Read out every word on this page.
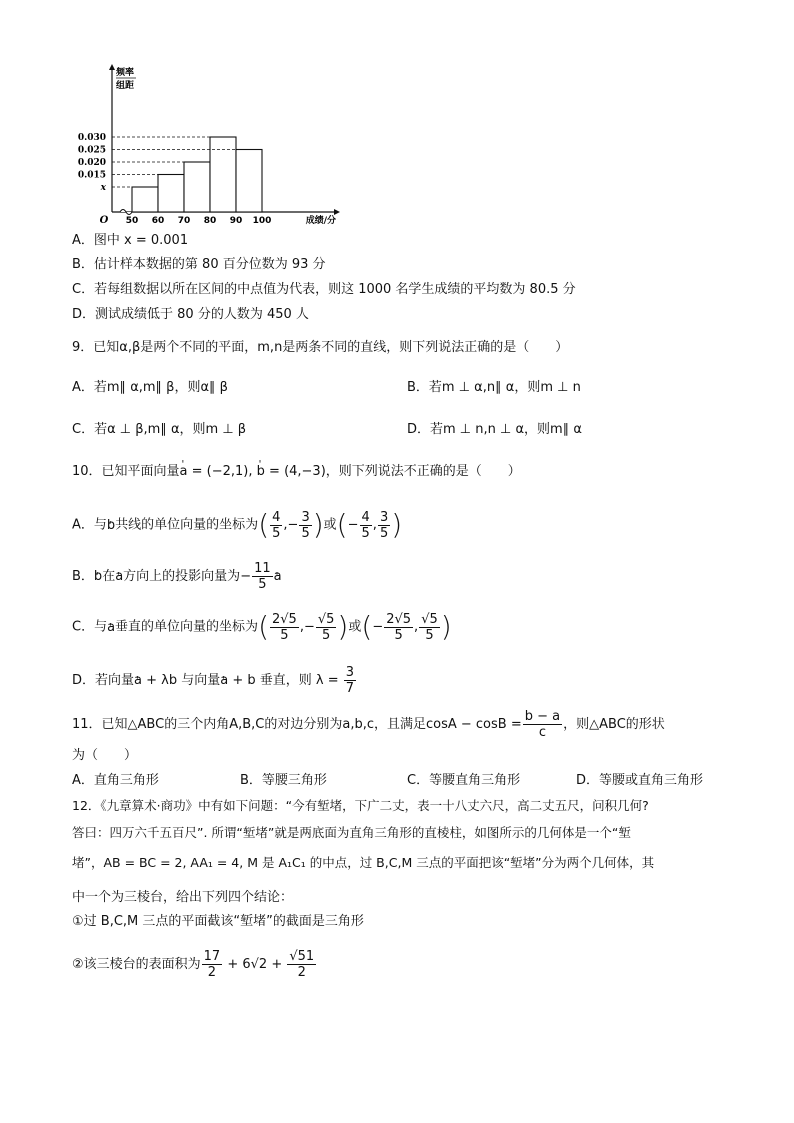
x
0.015
0.020
0.025
0.030
50 60 70 80 90 100
O	成绩/分
频率
组距
A．图中 x = 0.001
B．估计样本数据的第 80 百分位数为 93 分
C．若每组数据以所在区间的中点值为代表，则这 1000 名学生成绩的平均数为 80.5 分
D．测试成绩低于 80 分的人数为 450 人
9．已知α,β是两个不同的平面，m,n是两条不同的直线，则下列说法正确的是（　　）
A．若m∥ α,m∥ β，则α∥ β	B．若m ⊥ α,n∥ α，则m ⊥ n
C．若α ⊥ β,m∥ α，则m ⊥ β	D．若m ⊥ n,n ⊥ α，则m∥ α
10．已知平面向量' a = (−2,1), ' b = (4,−3)，则下列说法不正确的是（　　）
A．与' b共线的单位向量的坐标为( $\frac{4}{5}$ ,− $\frac{3}{5}$ )或(− $\frac{4}{5}$ , $\frac{3}{5}$ )
B．' b在' a方向上的投影向量为− $\frac{11}{5}$
' a
C．与' a垂直的单位向量的坐标为( $\frac{2√5}{5}$ ,− $\frac{√5}{5}$ )或(− $\frac{2√5}{5}$ , $\frac{√5}{5}$ )
D．若向量' a + λb 与向量' a + b 垂直，则 $\lambda = \frac{3}{7}$
11．已知△ABC的三个内角A,B,C的对边分别为a,b,c，且满足$\cos A - \cos B = \frac{b - a}{c}$ ，则△ABC的形状
为（　　）
A．直角三角形	B．等腰三角形	C．等腰直角三角形	D．等腰或直角三角形
12．《九章算术·商功》中有如下问题：“今有堑堵，下广二丈，表一十八丈六尺，高二丈五尺，问积几何?
答曰：四万六千五百尺”. 所谓“堑堵”就是两底面为直角三角形的直棱柱，如图所示的几何体是一个“堑
堵”，AB = BC = 2, AA₁ = 4, M 是 A₁C₁ 的中点，过 B,C,M 三点的平面把该“堑堵”分为两个几何体，其
中一个为三棱台，给出下列四个结论：
①过 B,C,M 三点的平面截该“堑堵”的截面是三角形
②该三棱台的表面积为 $\frac{17}{2} + 6√2 + \frac{√51}{2}$
